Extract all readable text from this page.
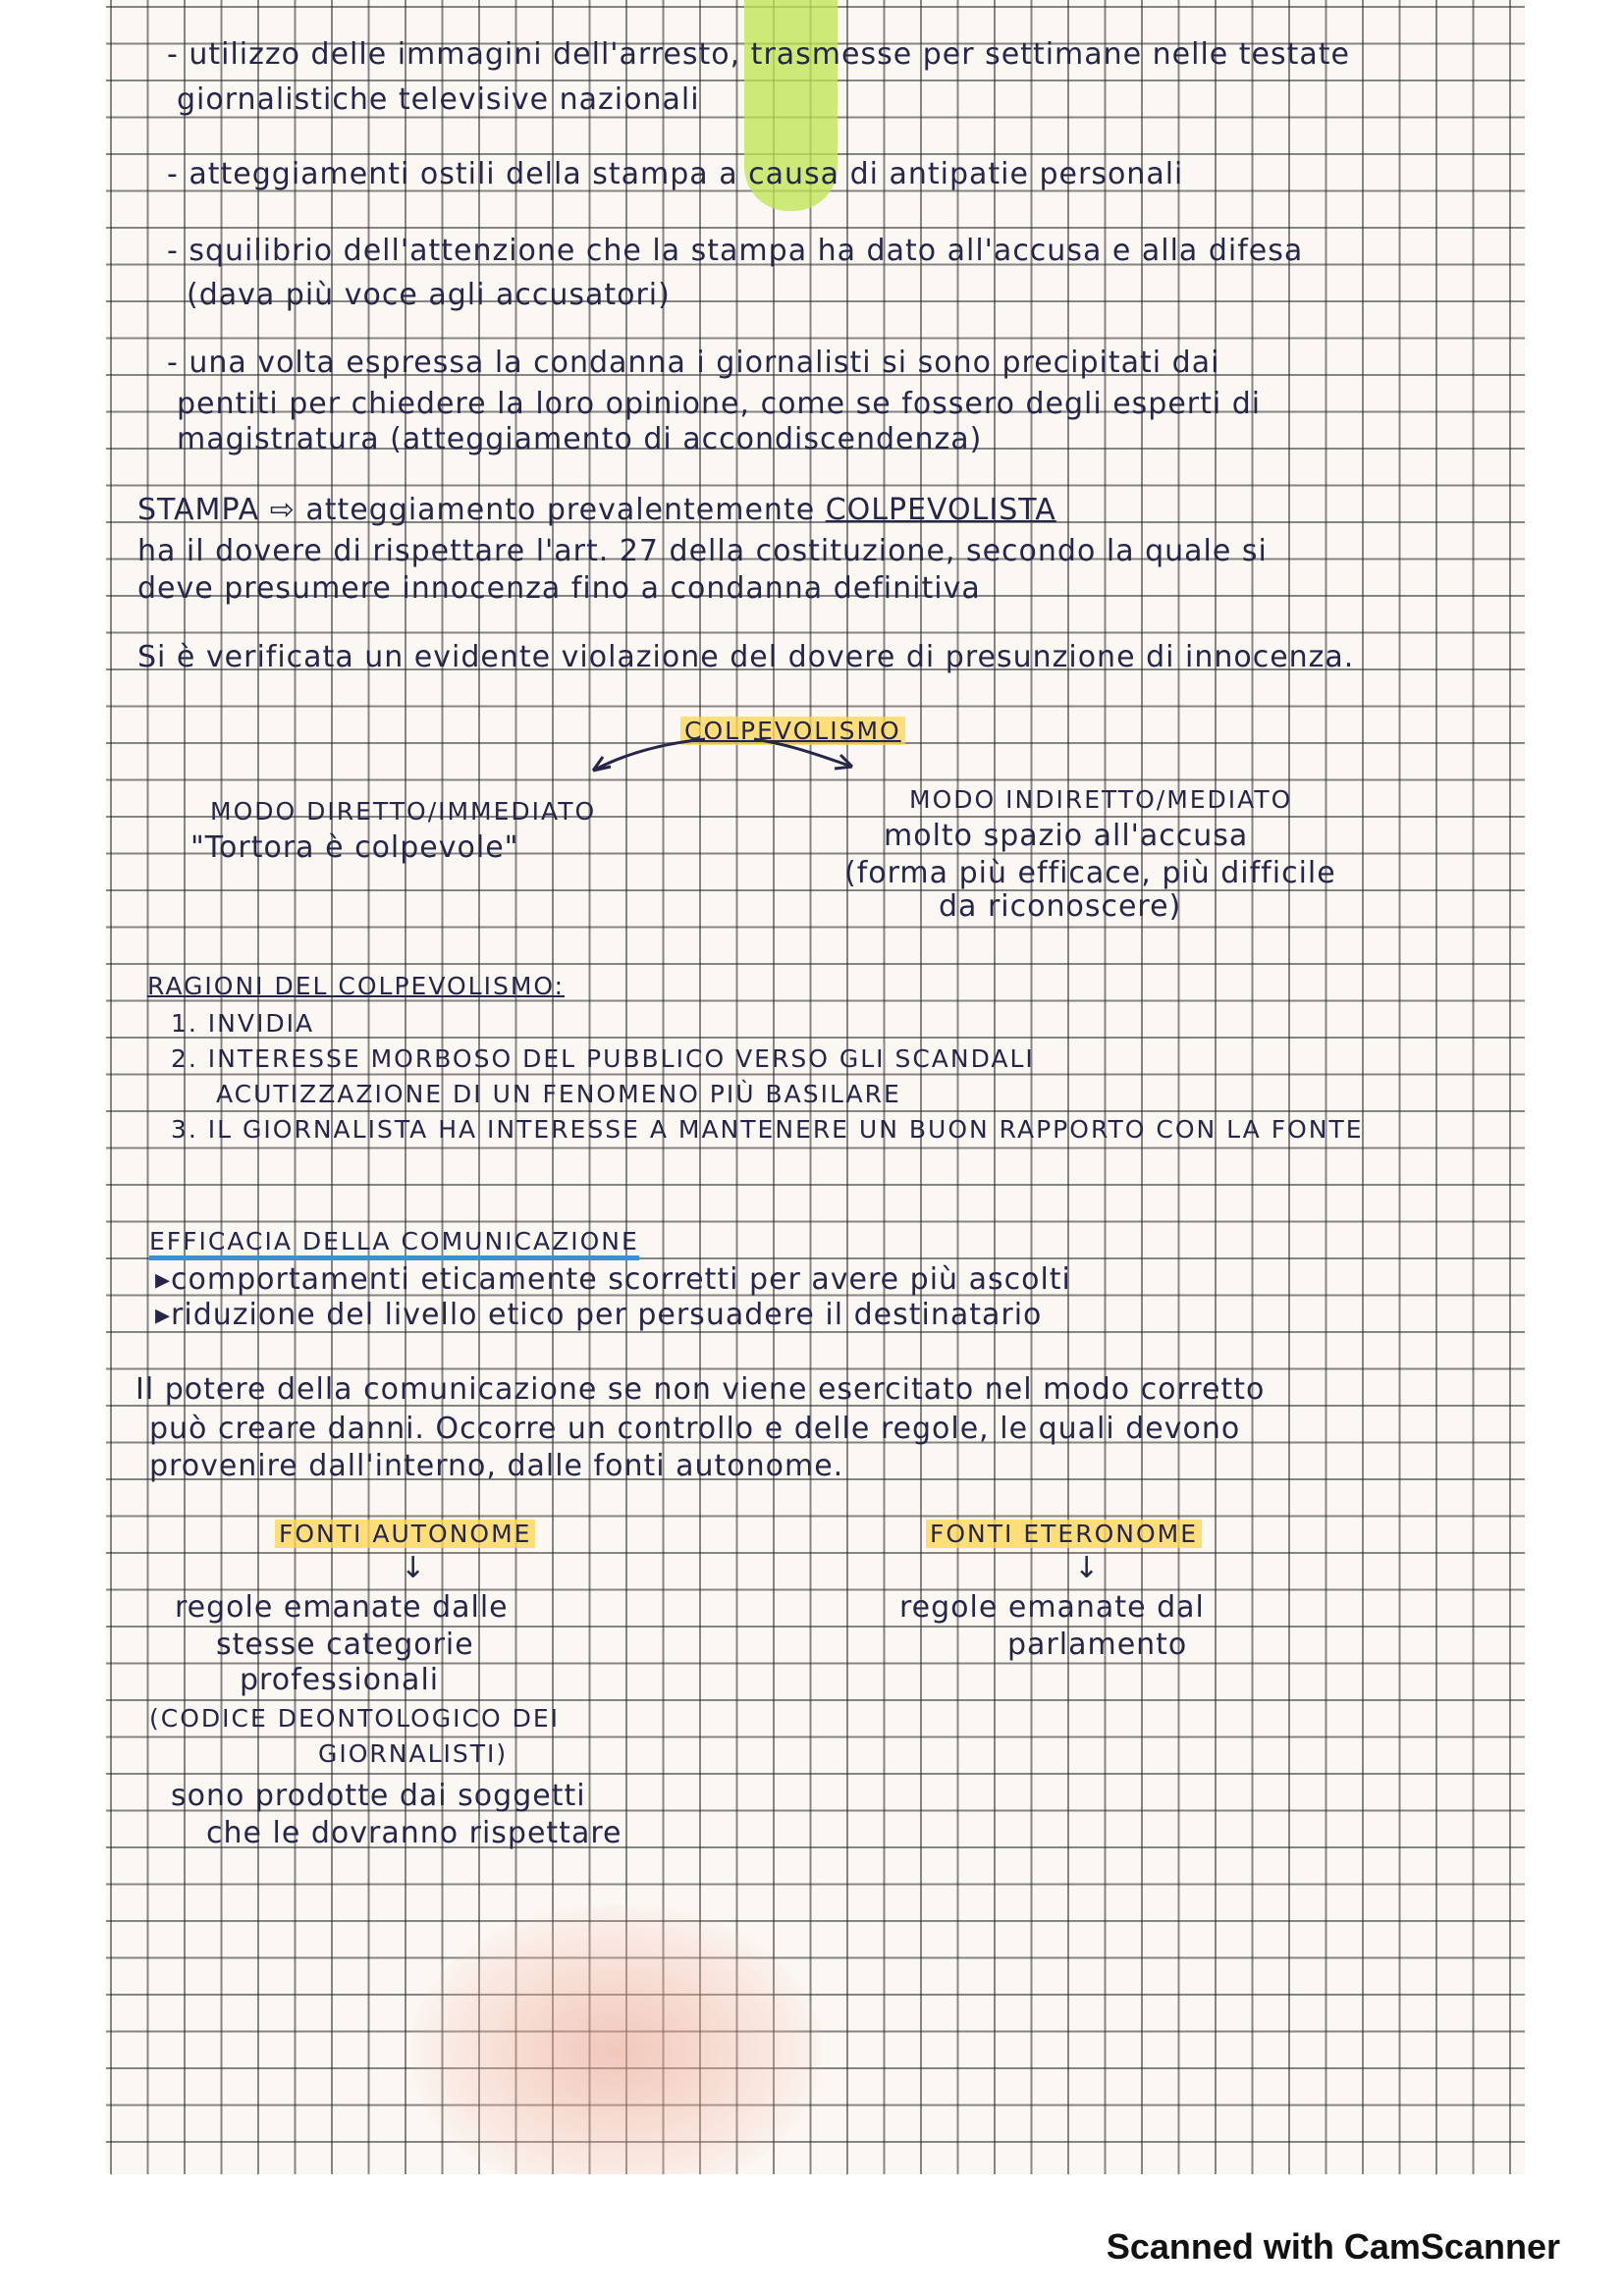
- utilizzo delle immagini dell'arresto, trasmesse per settimane nelle testate
giornalistiche televisive nazionali
- atteggiamenti ostili della stampa a causa di antipatie personali
- squilibrio dell'attenzione che la stampa ha dato all'accusa e alla difesa
(dava più voce agli accusatori)
- una volta espressa la condanna i giornalisti si sono precipitati dai
pentiti per chiedere la loro opinione, come se fossero degli esperti di
magistratura (atteggiamento di accondiscendenza)
STAMPA ⇨ atteggiamento prevalentemente COLPEVOLISTA
ha il dovere di rispettare l'art. 27 della costituzione, secondo la quale si
deve presumere innocenza fino a condanna definitiva
Si è verificata un evidente violazione del dovere di presunzione di innocenza.
COLPEVOLISMO
MODO DIRETTO/IMMEDIATO
"Tortora è colpevole"
MODO INDIRETTO/MEDIATO
molto spazio all'accusa
(forma più efficace, più difficile
da riconoscere)
RAGIONI DEL COLPEVOLISMO:
1. INVIDIA
2. INTERESSE MORBOSO DEL PUBBLICO VERSO GLI SCANDALI
ACUTIZZAZIONE DI UN FENOMENO PIÙ BASILARE
3. IL GIORNALISTA HA INTERESSE A MANTENERE UN BUON RAPPORTO CON LA FONTE
EFFICACIA DELLA COMUNICAZIONE
▸comportamenti eticamente scorretti per avere più ascolti
▸riduzione del livello etico per persuadere il destinatario
Il potere della comunicazione se non viene esercitato nel modo corretto
può creare danni. Occorre un controllo e delle regole, le quali devono
provenire dall'interno, dalle fonti autonome.
FONTI AUTONOME
↓
regole emanate dalle
stesse categorie
professionali
(CODICE DEONTOLOGICO DEI
GIORNALISTI)
sono prodotte dai soggetti
che le dovranno rispettare
FONTI ETERONOME
↓
regole emanate dal
parlamento
Scanned with CamScanner
